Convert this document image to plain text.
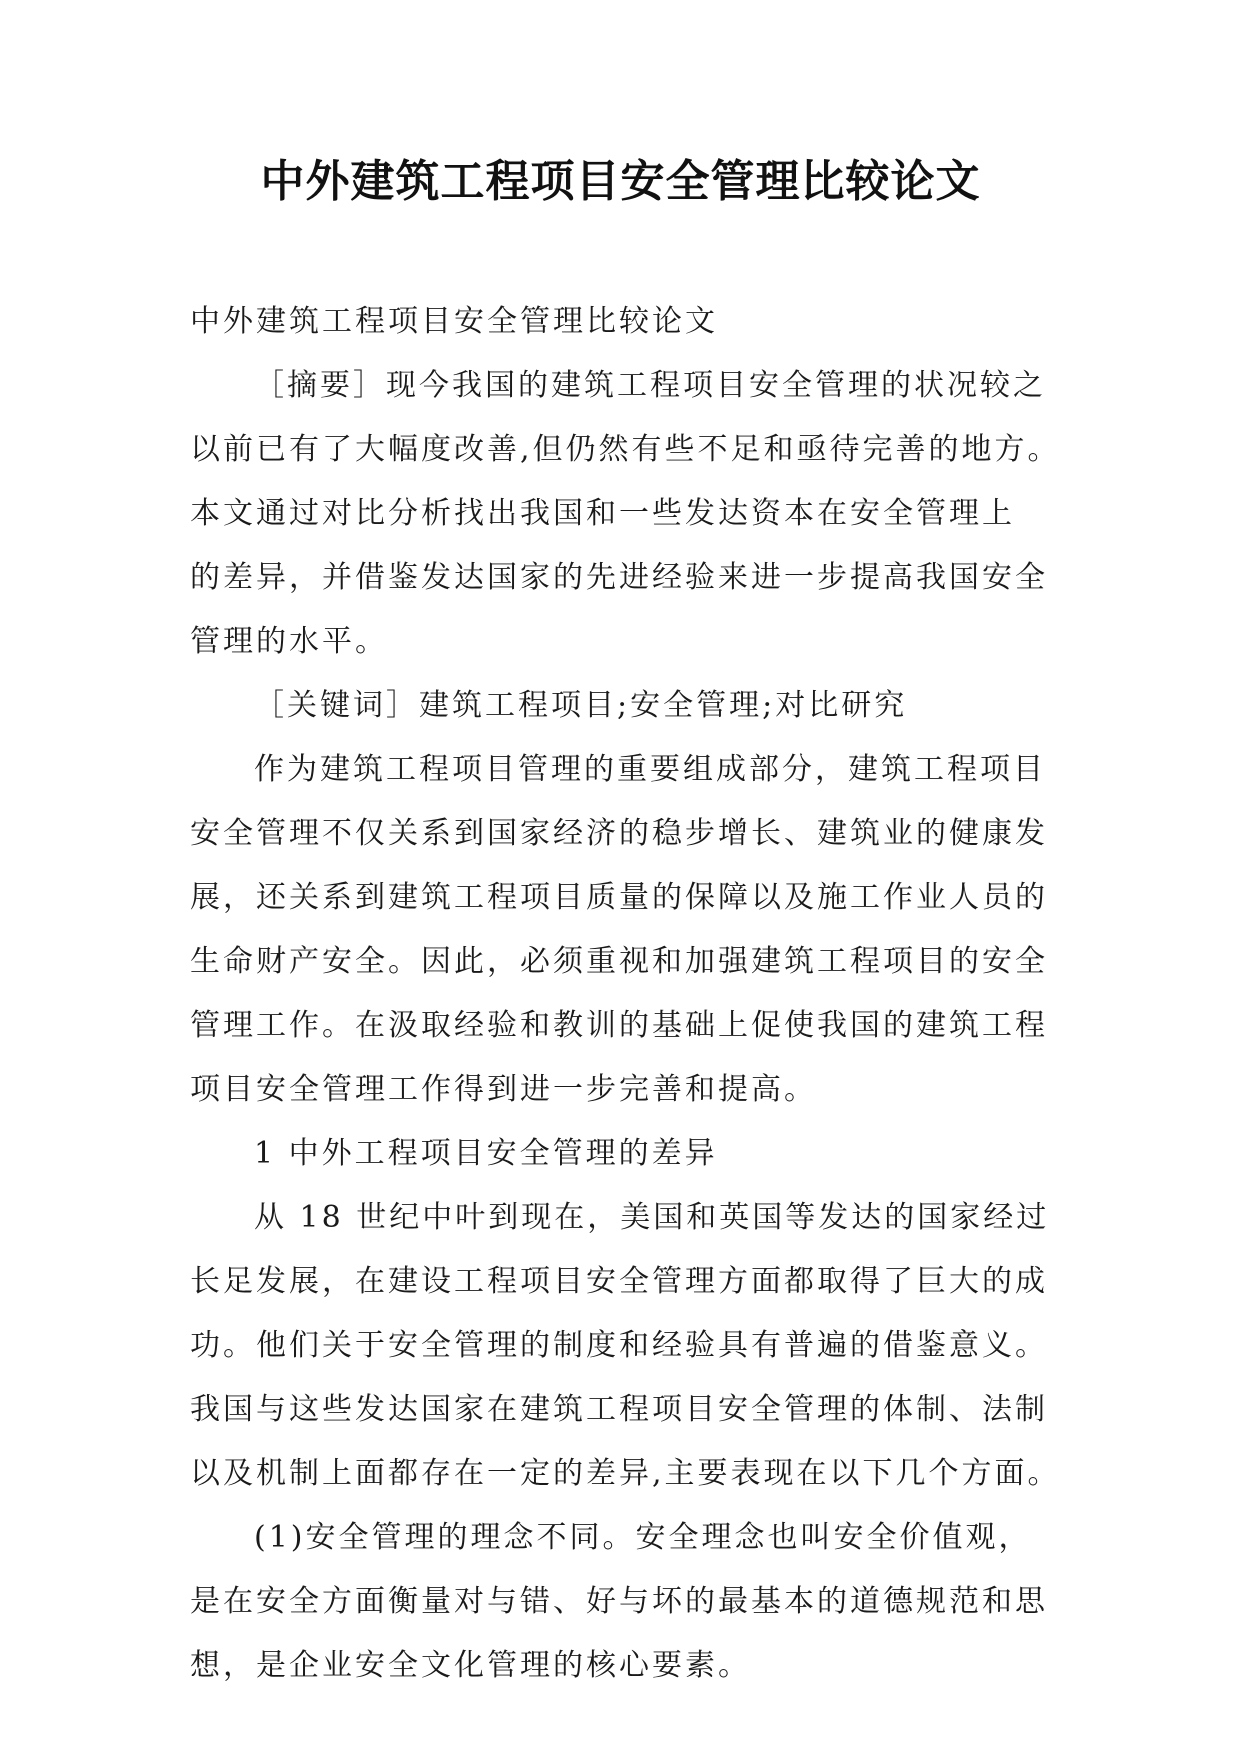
中外建筑工程项目安全管理比较论文
中外建筑工程项目安全管理比较论文
［摘要］现今我国的建筑工程项目安全管理的状况较之
以前已有了大幅度改善,但仍然有些不足和亟待完善的地方。
本文通过对比分析找出我国和一些发达资本在安全管理上
的差异，并借鉴发达国家的先进经验来进一步提高我国安全
管理的水平。
［关键词］建筑工程项目;安全管理;对比研究
作为建筑工程项目管理的重要组成部分，建筑工程项目
安全管理不仅关系到国家经济的稳步增长、建筑业的健康发
展，还关系到建筑工程项目质量的保障以及施工作业人员的
生命财产安全。因此，必须重视和加强建筑工程项目的安全
管理工作。在汲取经验和教训的基础上促使我国的建筑工程
项目安全管理工作得到进一步完善和提高。
1 中外工程项目安全管理的差异
从 18 世纪中叶到现在，美国和英国等发达的国家经过
长足发展，在建设工程项目安全管理方面都取得了巨大的成
功。他们关于安全管理的制度和经验具有普遍的借鉴意义。
我国与这些发达国家在建筑工程项目安全管理的体制、法制
以及机制上面都存在一定的差异,主要表现在以下几个方面。
(1)安全管理的理念不同。安全理念也叫安全价值观，
是在安全方面衡量对与错、好与坏的最基本的道德规范和思
想，是企业安全文化管理的核心要素。
